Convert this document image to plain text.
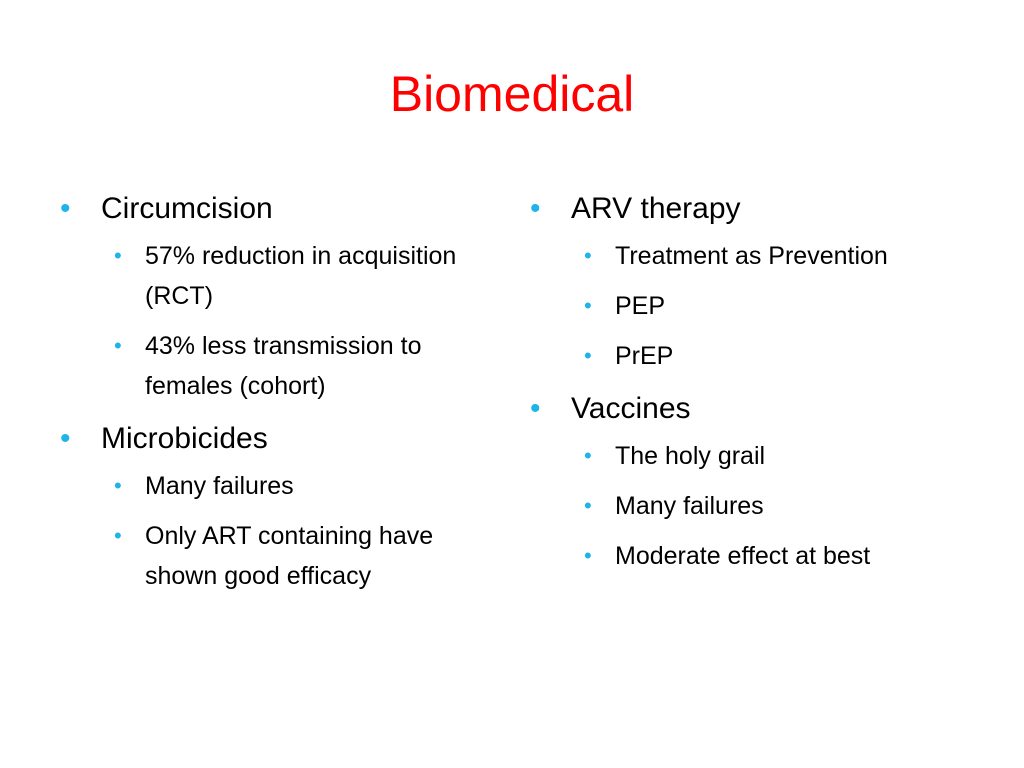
Biomedical
•	Circumcision
• 57% reduction in acquisition (RCT)
• 43% less transmission to females (cohort)
•	Microbicides
• Many failures
• Only ART containing have shown good efficacy
•	ARV therapy
• Treatment as Prevention
• PEP
• PrEP
•	Vaccines
• The holy grail
• Many failures
• Moderate effect at best
